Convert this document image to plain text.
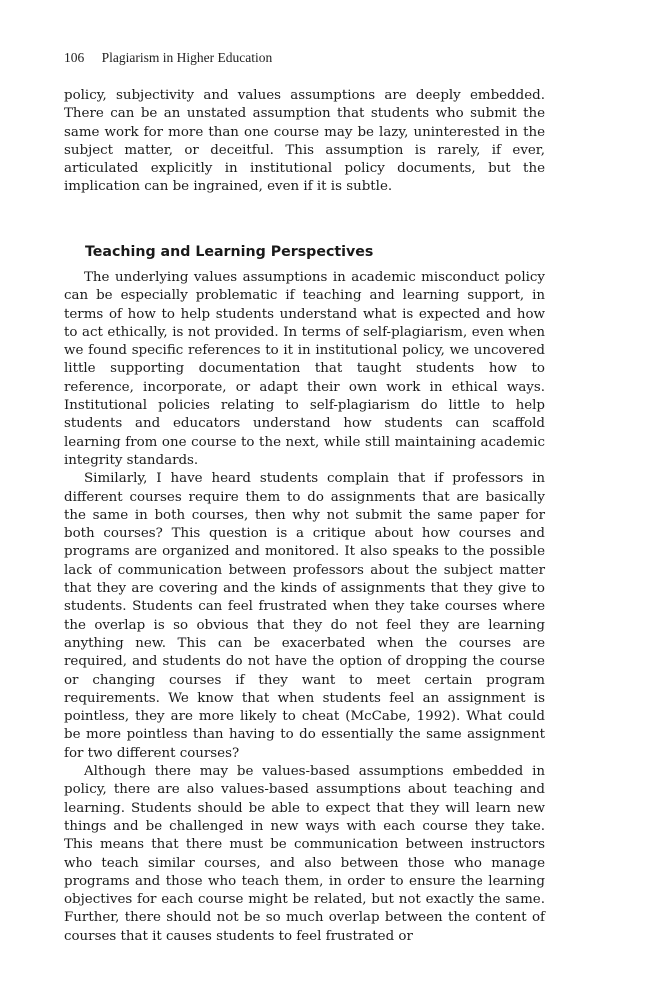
106 Plagiarism in Higher Education

policy, subjectivity and values assumptions are deeply embedded. There can be an unstated assumption that students who submit the same work for more than one course may be lazy, uninterested in the subject matter, or deceitful. This assumption is rarely, if ever, articulated explicitly in institutional policy documents, but the implication can be ingrained, even if it is subtle.

Teaching and Learning Perspectives

The underlying values assumptions in academic misconduct policy can be especially problematic if teaching and learning support, in terms of how to help students understand what is expected and how to act ethically, is not provided. In terms of self-plagiarism, even when we found specific references to it in institutional policy, we uncovered little supporting documentation that taught students how to reference, incorporate, or adapt their own work in ethical ways. Institutional policies relating to self-plagiarism do little to help students and educators understand how students can scaffold learning from one course to the next, while still maintaining academic integrity standards.

Similarly, I have heard students complain that if professors in different courses require them to do assignments that are basically the same in both courses, then why not submit the same paper for both courses? This question is a critique about how courses and programs are organized and monitored. It also speaks to the possible lack of communication between professors about the subject matter that they are covering and the kinds of assignments that they give to students. Students can feel frustrated when they take courses where the overlap is so obvious that they do not feel they are learning anything new. This can be exacerbated when the courses are required, and students do not have the option of dropping the course or changing courses if they want to meet certain program requirements. We know that when students feel an assignment is pointless, they are more likely to cheat (McCabe, 1992). What could be more pointless than having to do essentially the same assignment for two different courses?

Although there may be values-based assumptions embedded in policy, there are also values-based assumptions about teaching and learning. Students should be able to expect that they will learn new things and be challenged in new ways with each course they take. This means that there must be communication between instructors who teach similar courses, and also between those who manage programs and those who teach them, in order to ensure the learning objectives for each course might be related, but not exactly the same. Further, there should not be so much overlap between the content of courses that it causes students to feel frustrated or
